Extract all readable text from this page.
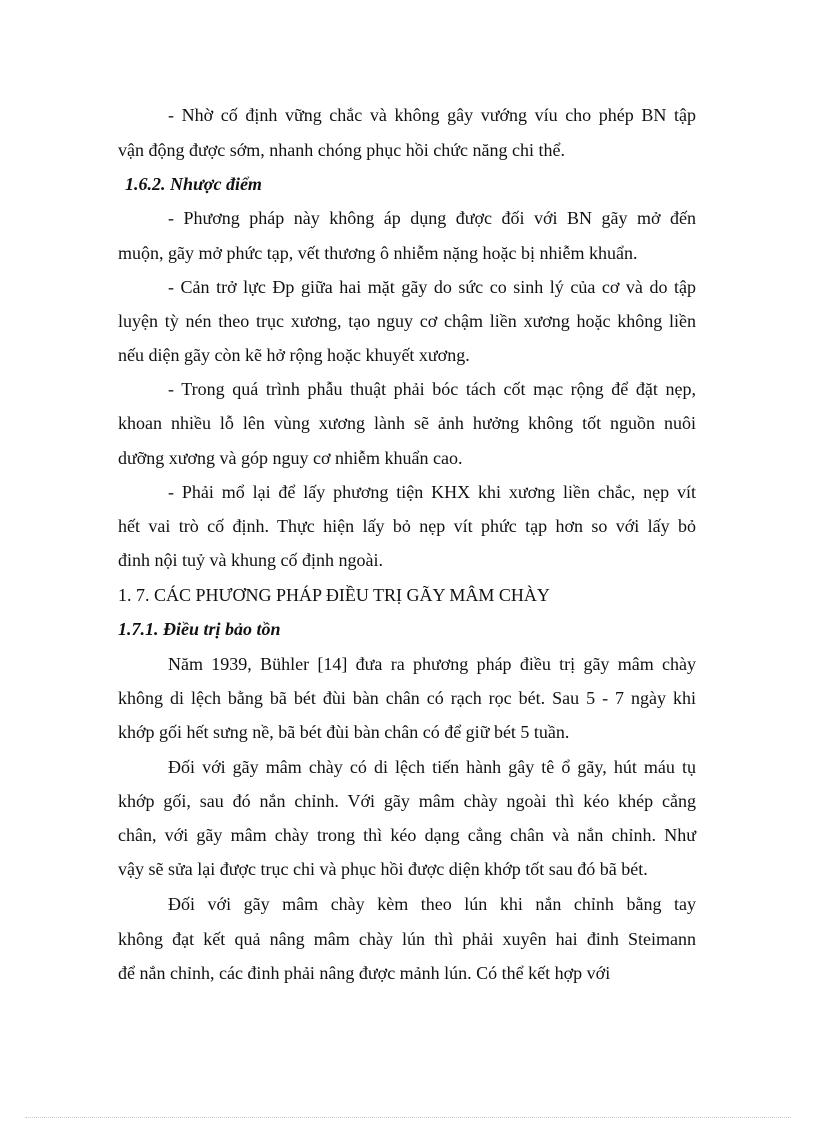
- Nhờ cố định vững chắc và không gây vướng víu cho phép BN tập
vận động được sớm, nhanh chóng phục hồi chức năng chi thể.
1.6.2. Nhược điểm
- Phương pháp này không áp dụng được đối với BN gãy mở đến
muộn, gãy mở phức tạp, vết thương ô nhiễm nặng hoặc bị nhiễm khuẩn.
- Cản trở lực Đp giữa hai mặt gãy do sức co sinh lý của cơ và do tập
luyện tỳ nén theo trục xương, tạo nguy cơ chậm liền xương hoặc không liền
nếu diện gãy còn kẽ hở rộng hoặc khuyết xương.
- Trong quá trình phẫu thuật phải bóc tách cốt mạc rộng để đặt nẹp,
khoan nhiều lỗ lên vùng xương lành sẽ ảnh hưởng không tốt nguồn nuôi
dưỡng xương và góp nguy cơ nhiễm khuẩn cao.
- Phải mổ lại để lấy phương tiện KHX khi xương liền chắc, nẹp vít
hết vai trò cố định. Thực hiện lấy bỏ nẹp vít phức tạp hơn so với lấy bỏ
đinh nội tuỷ và khung cố định ngoài.
1. 7. CÁC PHƯƠNG PHÁP ĐIỀU TRỊ GÃY MÂM CHÀY
1.7.1. Điều trị bảo tồn
Năm 1939, Bühler [14] đưa ra phương pháp điều trị gãy mâm chày
không di lệch bằng bã bét đùi bàn chân có rạch rọc bét. Sau 5 - 7 ngày khi
khớp gối hết sưng nề, bã bét đùi bàn chân có để giữ bét 5 tuần.
Đối với gãy mâm chày có di lệch tiến hành gây tê ổ gãy, hút máu tụ
khớp gối, sau đó nắn chỉnh. Với gãy mâm chày ngoài thì kéo khép cẳng
chân, với gãy mâm chày trong thì kéo dạng cẳng chân và nắn chỉnh. Như
vậy sẽ sửa lại được trục chi và phục hồi được diện khớp tốt sau đó bã bét.
Đối với gãy mâm chày kèm theo lún khi nắn chỉnh bằng tay
không đạt kết quả nâng mâm chày lún thì phải xuyên hai đinh Steimann
để nắn chỉnh, các đinh phải nâng được mảnh lún. Có thể kết hợp với
